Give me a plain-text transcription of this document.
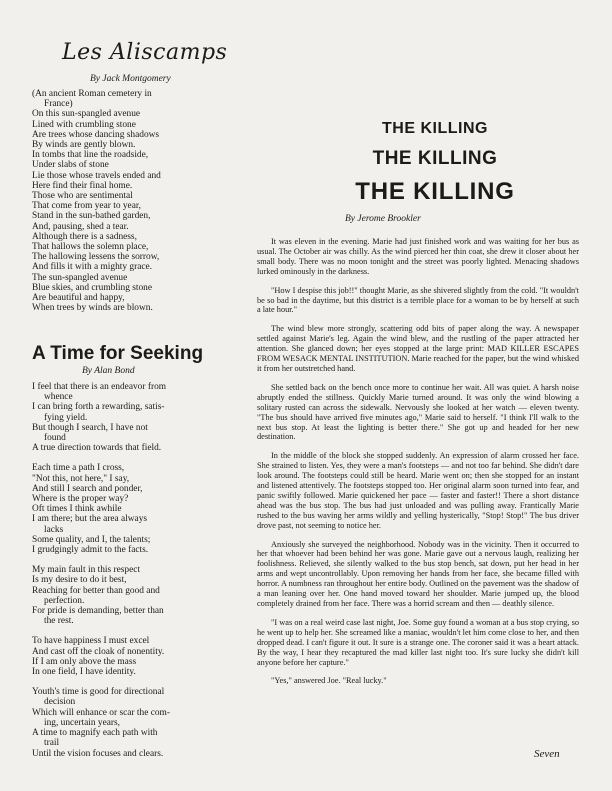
Les Aliscamps

By Jack Montgomery

(An ancient Roman cemetery in
France)
On this sun-spangled avenue
Lined with crumbling stone
Are trees whose dancing shadows
By winds are gently blown.
In tombs that line the roadside,
Under slabs of stone
Lie those whose travels ended and
Here find their final home.
Those who are sentimental
That come from year to year,
Stand in the sun-bathed garden,
And, pausing, shed a tear.
Although there is a sadness,
That hallows the solemn place,
The hallowing lessens the sorrow,
And fills it with a mighty grace.
The sun-spangled avenue
Blue skies, and crumbling stone
Are beautiful and happy,
When trees by winds are blown.
A Time for Seeking

By Alan Bond

I feel that there is an endeavor from
whence
I can bring forth a rewarding, satis-
fying yield.
But though I search, I have not
found
A true direction towards that field.
Each time a path I cross,
"Not this, not here," I say,
And still I search and ponder,
Where is the proper way?
Oft times I think awhile
I am there; but the area always
lacks
Some quality, and I, the talents;
I grudgingly admit to the facts.
My main fault in this respect
Is my desire to do it best,
Reaching for better than good and
perfection.
For pride is demanding, better than
the rest.
To have happiness I must excel
And cast off the cloak of nonentity.
If I am only above the mass
In one field, I have identity.
Youth's time is good for directional
decision
Which will enhance or scar the com-
ing, uncertain years,
A time to magnify each path with
trail
Until the vision focuses and clears.
THE KILLING
THE KILLING
THE KILLING

By Jerome Brookler

It was eleven in the evening. Marie had just finished work and was waiting for her bus as usual. The October air was chilly. As the wind pierced her thin coat, she drew it closer about her small body. There was no moon tonight and the street was poorly lighted. Menacing shadows lurked ominously in the darkness.

"How I despise this job!!" thought Marie, as she shivered slightly from the cold. "It wouldn't be so bad in the daytime, but this district is a terrible place for a woman to be by herself at such a late hour."

The wind blew more strongly, scattering odd bits of paper along the way. A newspaper settled against Marie's leg. Again the wind blew, and the rustling of the paper attracted her attention. She glanced down; her eyes stopped at the large print: MAD KILLER ESCAPES FROM WESACK MENTAL INSTITUTION. Marie reached for the paper, but the wind whisked it from her outstretched hand.

She settled back on the bench once more to continue her wait. All was quiet. A harsh noise abruptly ended the stillness. Quickly Marie turned around. It was only the wind blowing a solitary rusted can across the sidewalk. Nervously she looked at her watch — eleven twenty. "The bus should have arrived five minutes ago," Marie said to herself. "I think I'll walk to the next bus stop. At least the lighting is better there." She got up and headed for her new destination.

In the middle of the block she stopped suddenly. An expression of alarm crossed her face. She strained to listen. Yes, they were a man's footsteps — and not too far behind. She didn't dare look around. The footsteps could still be heard. Marie went on; then she stopped for an instant and listened attentively. The footsteps stopped too. Her original alarm soon turned into fear, and panic swiftly followed. Marie quickened her pace — faster and faster!! There a short distance ahead was the bus stop. The bus had just unloaded and was pulling away. Frantically Marie rushed to the bus waving her arms wildly and yelling hysterically, "Stop! Stop!" The bus driver drove past, not seeming to notice her.

Anxiously she surveyed the neighborhood. Nobody was in the vicinity. Then it occurred to her that whoever had been behind her was gone. Marie gave out a nervous laugh, realizing her foolishness. Relieved, she silently walked to the bus stop bench, sat down, put her head in her arms and wept uncontrollably. Upon removing her hands from her face, she became filled with horror. A numbness ran throughout her entire body. Outlined on the pavement was the shadow of a man leaning over her. One hand moved toward her shoulder. Marie jumped up, the blood completely drained from her face. There was a horrid scream and then — deathly silence.

"I was on a real weird case last night, Joe. Some guy found a woman at a bus stop crying, so he went up to help her. She screamed like a maniac, wouldn't let him come close to her, and then dropped dead. I can't figure it out. It sure is a strange one. The coroner said it was a heart attack. By the way, I hear they recaptured the mad killer last night too. It's sure lucky she didn't kill anyone before her capture."

"Yes," answered Joe. "Real lucky."

Seven
